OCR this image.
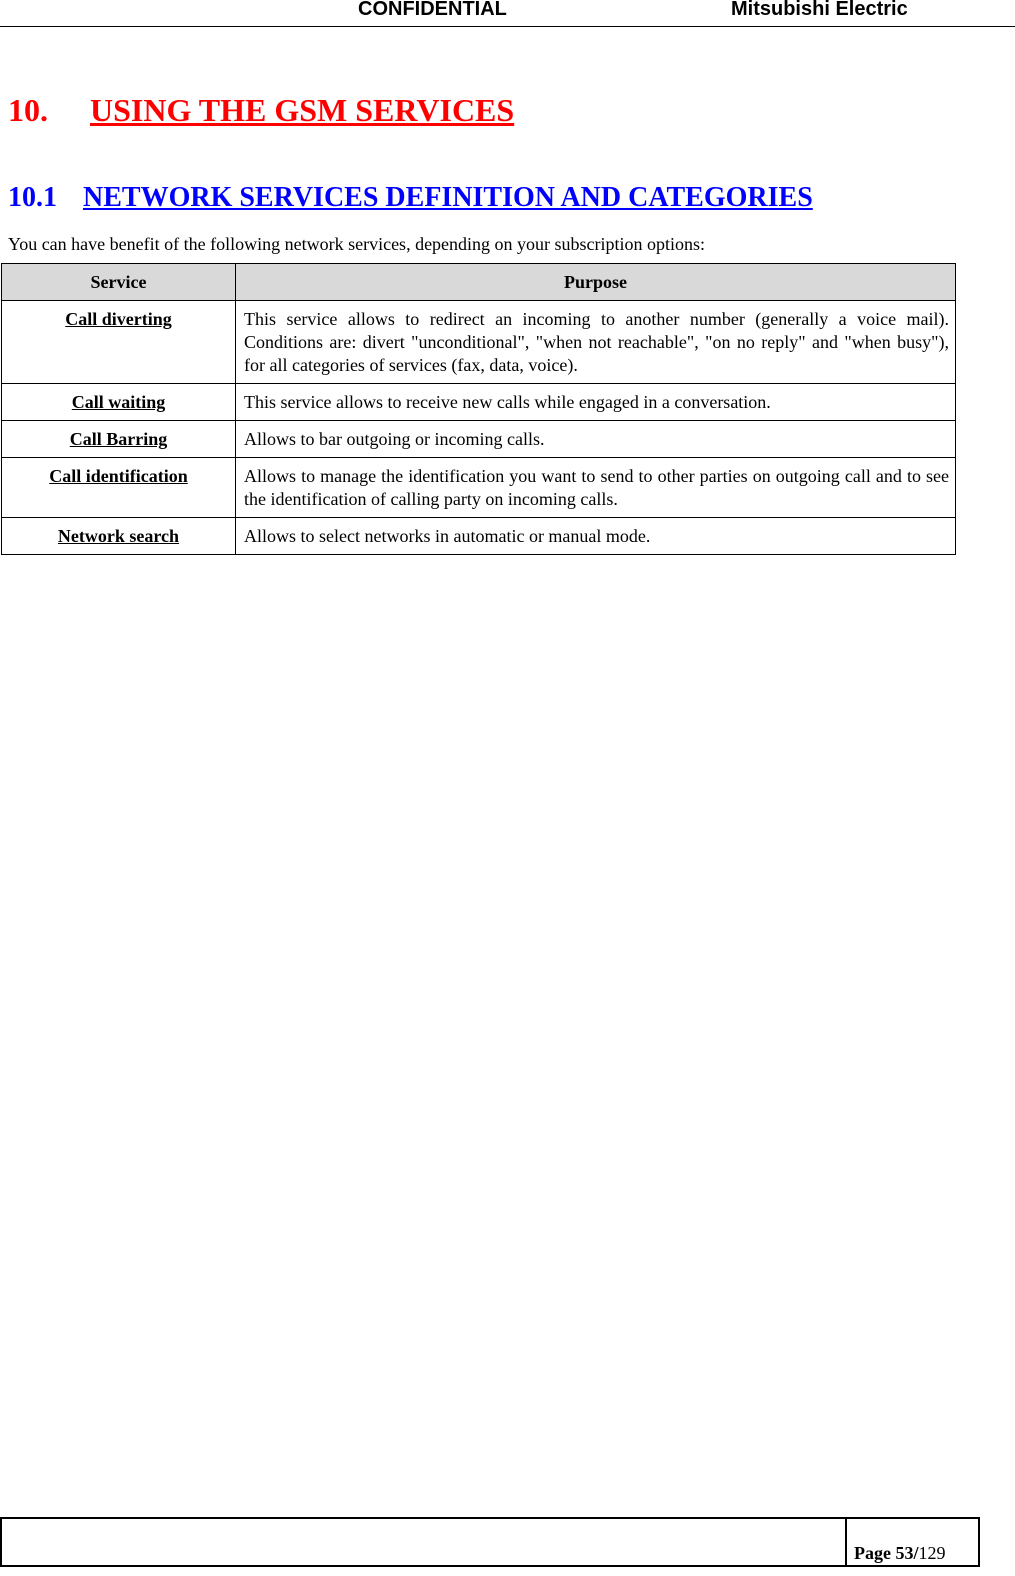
CONFIDENTIAL	Mitsubishi Electric
10. USING THE GSM SERVICES
10.1 NETWORK SERVICES DEFINITION AND CATEGORIES

You can have benefit of the following network services, depending on your subscription options:

Service	Purpose
Call diverting	This service allows to redirect an incoming to another number (generally a voice mail). Conditions are: divert "unconditional", "when not reachable", "on no reply" and "when busy"), for all categories of services (fax, data, voice).
Call waiting	This service allows to receive new calls while engaged in a conversation.
Call Barring	Allows to bar outgoing or incoming calls.
Call identification	Allows to manage the identification you want to send to other parties on outgoing call and to see the identification of calling party on incoming calls.
Network search	Allows to select networks in automatic or manual mode.
Page 53/129
